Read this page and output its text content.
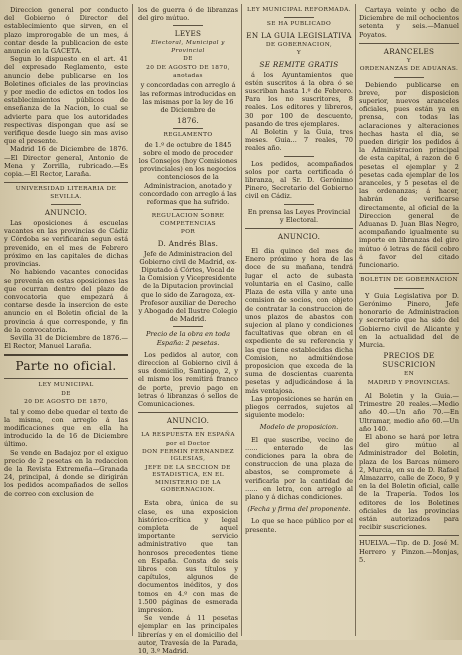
Direccion general por conducto del Gobierno ó Director del establecimiento que sirven, en el plazo improrogable de un mes, á contar desde la publicacion de este anuncio en la GACETA.

Segun lo dispuesto en el art. 41 del expresado Reglamento, este anuncio debe publicarse en los Boletines oficiales de las provincias y por medio de edictos en todos los establecimientos públicos de enseñanza de la Nacion, lo cual se advierte para que los autoridades respectivas dispongan que así se verifique desde luego sin mas aviso que el presente.

Madrid 16 de Diciembre de 1876.—El Director general, Antonio de Mena y Zorrilla, rubricado.—Es copia.—El Rector, Laraña.

UNIVERSIDAD LITERARIA DE SEVILLA.
ANUNCIO.

Las oposiciones á escuelas vacantes en las provincias de Cádiz y Córdoba se verificarán segun está prevenido, en el mes de Febrero próximo en las capitales de dichas provincias.

No habiendo vacantes conocidas se prevenía en estas oposiciones las que ocurran dentro del plazo de convocatoria que empezará á contarse desde la insercion de este anuncio en el Boletin oficial de la provincia á que corresponde, y fin de la convocatoria.

Sevilla 31 de Diciembre de 1876.—El Rector, Manuel Laraña.

Parte no oficial.
LEY MUNICIPAL
DE
20 DE AGOSTO DE 1870,

tal y como debe quedar el texto de la misma, con arreglo á las modificaciones que en ella ha introducido la de 16 de Diciembre último.

Se vende en Badajoz por el exiguo precio de 2 pesetas en la redaccion de la Revista Extremeña—Granada 24, principal, á donde se dirigirán los pedidos acompañados de sellos de correo con exclusion de

los de guerra ó de libranzas del giro mútuo.

LEYES
Electoral, Municipal y Provincial
DE
20 DE AGOSTO DE 1870,
anotadas

y concordadas con arreglo á las reformas introducidas en las mismas por la ley de 16 de Diciembre de

1876.
REGLAMENTO

de 1.º de octubre de 1845 sobre el modo de proceder los Consejos (hoy Comisiones provinciales) en los negocios contenciosos de la Administracion, anotado y concordado con arreglo á las reformas que ha sufrido.

REGULACION SOBRE COMPETENCIAS
POR
D. Andrés Blas.

Jefe de Administracion del Gobierno civil de Madrid, ex-Diputado á Córtes, Vocal de la Comision y Vicepresidente de la Diputacion provincial que lo sido de Zaragoza, ex-Profesor auxiliar de Derecho y Abogado del Ilustre Colegio de Madrid.

Precio de la obra en toda España: 2 pesetas.

Los pedidos al autor, con direccion al Gobierno civil á sus domicilio, Santiago, 2, y el mismo los remitirá franco de porte, previo pago en letras ó libranzas ó sellos de Comunicaciones.

ANUNCIO.
LA RESPUESTA EN ESPAÑA
por el Doctor
DON FERMIN FERNANDEZ IGLESIAS,
JEFE DE LA SECCION DE ESTADISTICA, EN EL MINISTERIO DE LA GOBERNACION.

Esta obra, única de su clase, es una exposicion histórico-crítica y legal completa de aquel importante servicio administrativo que tan honrosos precedentes tiene en España. Consta de seis libros con sus títulos y capítulos, algunos de documentos inéditos, y dos tomos en 4.º con mas de 1.500 páginas de esmerada impresion.

Se vende á 11 pesetas ejemplar en las principales librerías y en el domicilio del autor, Travesía de la Parada, 10, 3.º Madrid.

LEY MUNICIPAL REFORMADA.
SE HA PUBLICADO
EN LA GUIA LEGISLATIVA
DE GOBERNACION,
Y
SE REMITE GRATIS

á los Ayuntamientos que estén suscritos á la obra ó se suscriban hasta 1.º de Febrero. Para los no suscritores, 8 reales. Los editores y libreros, 30 por 100 de descuento, pasando de tres ejemplares.

Al Boletin y la Guia, tres meses. Guia... 7 reales, 70 reales año.

Los pedidos, acompañados solos por carta certificada ó libranza, al Sr. D. Gerónimo Pinero, Secretario del Gobierno civil en Cádiz.

En prensa las Leyes Provincial y Electoral.

ANUNCIO.

El dia quince del mes de Enero próximo y hora de las doce de su mañana, tendrá lugar el acto de subasta voluntaria en el Casino, calle Plaza de esta villa y ante una comision de socios, con objeto de contratar la construccion de unos plazos de abastos con sujecion al plano y condiciones facultativas que obran en el expediente de su referencia y las que tiene establecidas dicha Comision, no admitiéndose proposicion que exceda de la suma de doscientas cuarenta pesetas y adjudicándose á la más ventajosa.

Las proposiciones se harán en pliegos cerrados, sujetos al siguiente modelo:

Modelo de proposicion.

El que suscribe, vecino de ...... enterado de las condiciones para la obra de construccion de una plaza de abastos, se compromete á verificarla por la cantidad de ...... en letra, con arreglo al plano y á dichas condiciones.

(Fecha y firma del proponente.

Lo que se hace público por el presente.

Cartaya veinte y ocho de Diciembre de mil ochocientos setenta y seis.—Manuel Poyatos.

ARANCELES
Y
ORDENANZAS DE ADUANAS.

Debiendo publicarse en breve, por disposicion superior, nuevos aranceles oficiales, pues están ya en prensa, con todas las aclaraciones y alteraciones hechas hasta el dia, se pueden dirigir los pedidos á la Administracion principal de esta capital, á razon de 6 pesetas el ejemplar y 2 pesetas cada ejemplar de los aranceles, y 5 pesetas el de las ordenanzas; á hacer, habrán de verificarse directamente, al oficial de la Direccion general de Aduanas D. Juan Blas Negro, acompañando igualmente su importe en libranzas del giro mútuo ó letras de fácil cobro á favor del citado funcionario.

BOLETIN DE GOBERNACION

Y Guia Legislativa por D. Gerónimo Pinero, Jefe honorario de Administracion y secretario que ha sido del Gobierno civil de Alicante y en la actualidad del de Murcia.

PRECIOS DE SUSCRICION
EN
MADRID Y PROVINCIAS.

Al Boletin y la Guia.—Trimestre 20 reales.—Medio año 40.—Un año 70.—En Ultramar, medio año 60.—Un año 140.

El abono se hará por letra del giro mútuo al Administrador del Boletin, plaza de los Barcas número 2, Murcia, en su de D. Rafael Almazarro, calle de Zoco, 9 y en la del Boletin oficial, calle de la Trapería. Todos los editores de los Boletines oficiales de las provincias están autorizados para recibir suscriciones.

HUELVA.—Tip. de D. José M. Herrero y Pinzon.—Monjas, 5.
